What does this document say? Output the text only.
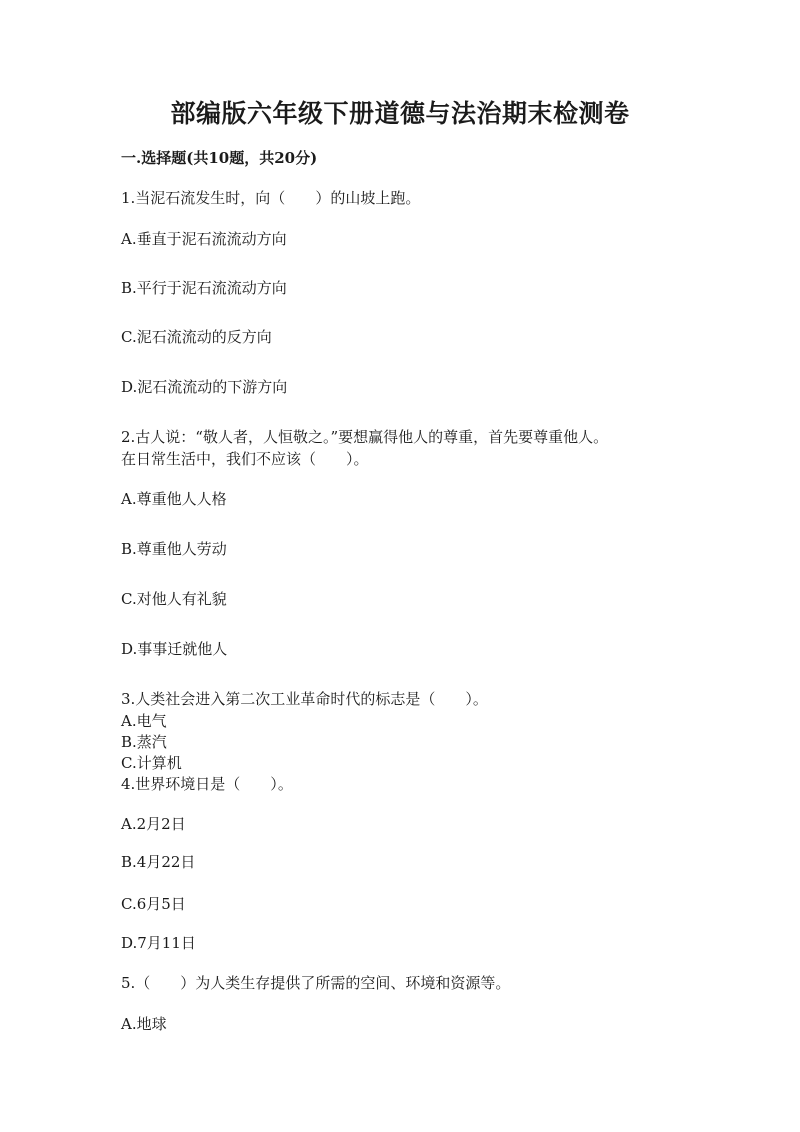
部编版六年级下册道德与法治期末检测卷
一.选择题(共10题，共20分)
1.当泥石流发生时，向（　　）的山坡上跑。
A.垂直于泥石流流动方向
B.平行于泥石流流动方向
C.泥石流流动的反方向
D.泥石流流动的下游方向
2.古人说：“敬人者，人恒敬之。”要想赢得他人的尊重，首先要尊重他人。
在日常生活中，我们不应该（　　）。
A.尊重他人人格
B.尊重他人劳动
C.对他人有礼貌
D.事事迁就他人
3.人类社会进入第二次工业革命时代的标志是（　　）。
A.电气
B.蒸汽
C.计算机
4.世界环境日是（　　）。
A.2月2日
B.4月22日
C.6月5日
D.7月11日
5.（　　）为人类生存提供了所需的空间、环境和资源等。
A.地球
